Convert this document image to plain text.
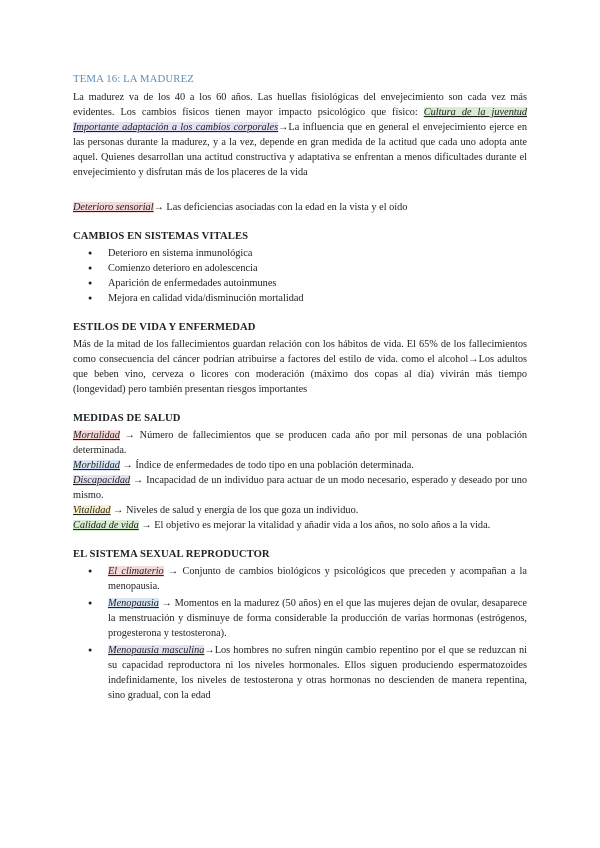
TEMA 16: LA MADUREZ

La madurez va de los 40 a los 60 años. Las huellas fisiológicas del envejecimiento son cada vez más evidentes. Los cambios físicos tienen mayor impacto psicológico que físico: Cultura de la juventud Importante adaptación a los cambios corporales→La influencia que en general el envejecimiento ejerce en las personas durante la madurez, y a la vez, depende en gran medida de la actitud que cada uno adopta ante aquel. Quienes desarrollan una actitud constructiva y adaptativa se enfrentan a menos dificultades durante el envejecimiento y disfrutan más de los placeres de la vida

Deterioro sensorial→ Las deficiencias asociadas con la edad en la vista y el oído

CAMBIOS EN SISTEMAS VITALES
● Deterioro en sistema inmunológica
● Comienzo deterioro en adolescencia
● Aparición de enfermedades autoinmunes
● Mejora en calidad vida/disminución mortalidad
ESTILOS DE VIDA Y ENFERMEDAD

Más de la mitad de los fallecimientos guardan relación con los hábitos de vida. El 65% de los fallecimientos como consecuencia del cáncer podrían atribuirse a factores del estilo de vida. como el alcohol→Los adultos que beben vino, cerveza o licores con moderación (máximo dos copas al día) vivirán más tiempo (longevidad) pero también presentan riesgos importantes

MEDIDAS DE SALUD

Mortalidad → Número de fallecimientos que se producen cada año por mil personas de una población determinada.

Morbilidad → Índice de enfermedades de todo tipo en una población determinada.

Discapacidad → Incapacidad de un individuo para actuar de un modo necesario, esperado y deseado por uno mismo.

Vitalidad → Niveles de salud y energía de los que goza un individuo.

Calidad de vida → El objetivo es mejorar la vitalidad y añadir vida a los años, no solo años a la vida.

EL SISTEMA SEXUAL REPRODUCTOR
● El climaterio → Conjunto de cambios biológicos y psicológicos que preceden y acompañan a la menopausia.
● Menopausia → Momentos en la madurez (50 años) en el que las mujeres dejan de ovular, desaparece la menstruación y disminuye de forma considerable la producción de varias hormonas (estrógenos, progesterona y testosterona).
● Menopausia masculina→Los hombres no sufren ningún cambio repentino por el que se reduzcan ni su capacidad reproductora ni los niveles hormonales. Ellos siguen produciendo espermatozoides indefinidamente, los niveles de testosterona y otras hormonas no descienden de manera repentina, sino gradual, con la edad
